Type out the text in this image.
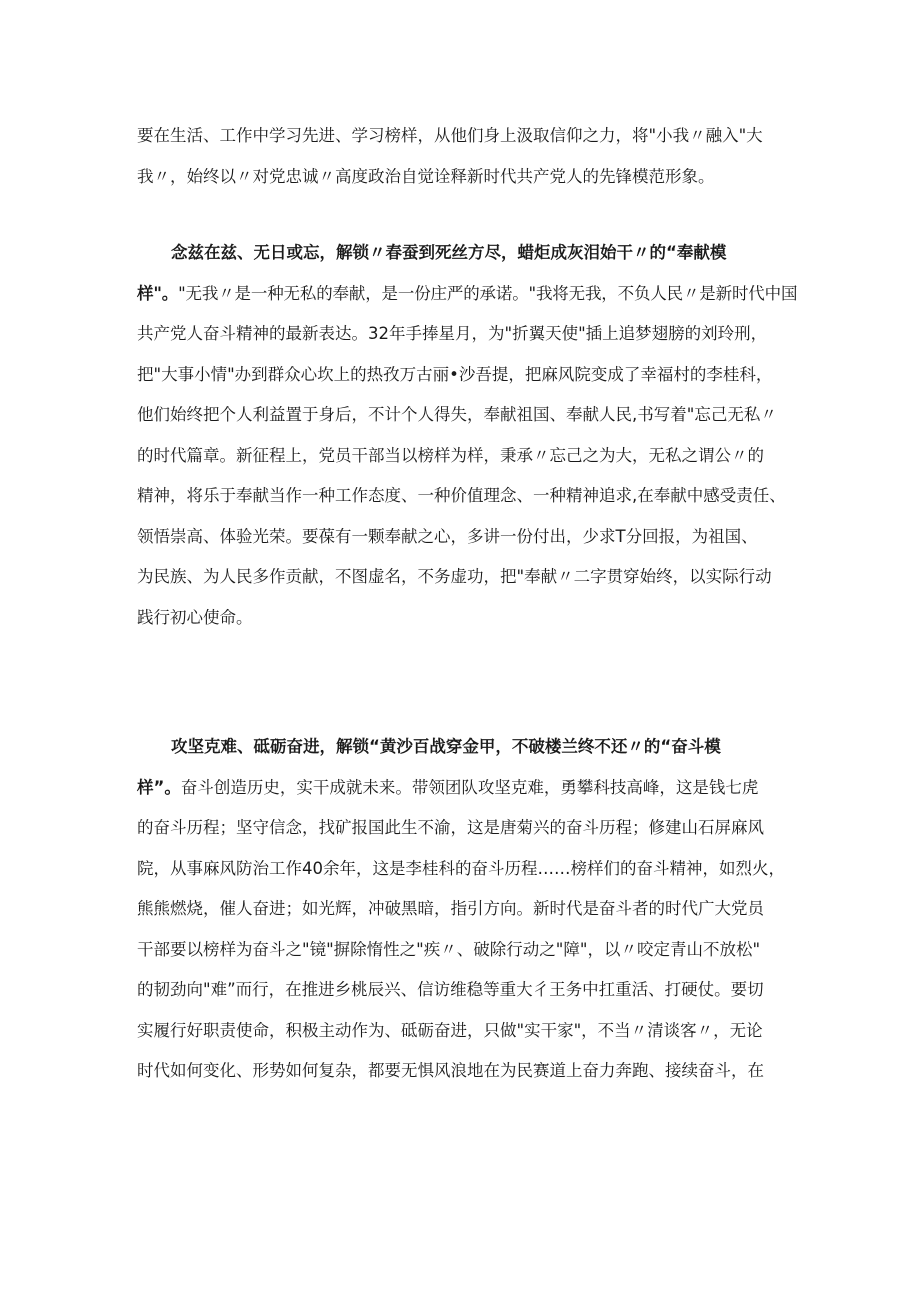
要在生活、工作中学习先进、学习榜样，从他们身上汲取信仰之力，将"小我〃融入"大
我〃，始终以〃对党忠诚〃高度政治自觉诠释新时代共产党人的先锋模范形象。
念兹在兹、无日或忘，解锁〃春蚕到死丝方尽，蜡炬成灰泪始干〃的“奉献模
样"。"无我〃是一种无私的奉献，是一份庄严的承诺。"我将无我，不负人民〃是新时代中国
共产党人奋斗精神的最新表达。32年手捧星月，为"折翼天使"插上追梦翅膀的刘玲刑，
把"大事小情"办到群众心坎上的热孜万古丽•沙吾提，把麻风院变成了幸福村的李桂科，
他们始终把个人利益置于身后，不计个人得失，奉献祖国、奉献人民,书写着"忘己无私〃
的时代篇章。新征程上，党员干部当以榜样为样，秉承〃忘己之为大，无私之谓公〃的
精神，将乐于奉献当作一种工作态度、一种价值理念、一种精神追求,在奉献中感受责任、
领悟崇高、体验光荣。要葆有一颗奉献之心，多讲一份付出，少求T分回报，为祖国、
为民族、为人民多作贡献，不图虚名，不务虚功，把"奉献〃二字贯穿始终，以实际行动
践行初心使命。
攻坚克难、砥砺奋进，解锁“黄沙百战穿金甲，不破楼兰终不还〃的“奋斗模
样”。奋斗创造历史，实干成就未来。带领团队攻坚克难，勇攀科技高峰，这是钱七虎
的奋斗历程；坚守信念，找矿报国此生不渝，这是唐菊兴的奋斗历程；修建山石屏麻风
院，从事麻风防治工作40余年，这是李桂科的奋斗历程……榜样们的奋斗精神，如烈火，
熊熊燃烧，催人奋进；如光辉，冲破黑暗，指引方向。新时代是奋斗者的时代广大党员
干部要以榜样为奋斗之"镜"摒除惰性之"疾〃、破除行动之"障"，以〃咬定青山不放松"
的韧劲向"难”而行，在推进乡桃辰兴、信访维稳等重大彳王务中扛重活、打硬仗。要切
实履行好职责使命，积极主动作为、砥砺奋进，只做"实干家"，不当〃清谈客〃，无论
时代如何变化、形势如何复杂，都要无惧风浪地在为民赛道上奋力奔跑、接续奋斗，在
